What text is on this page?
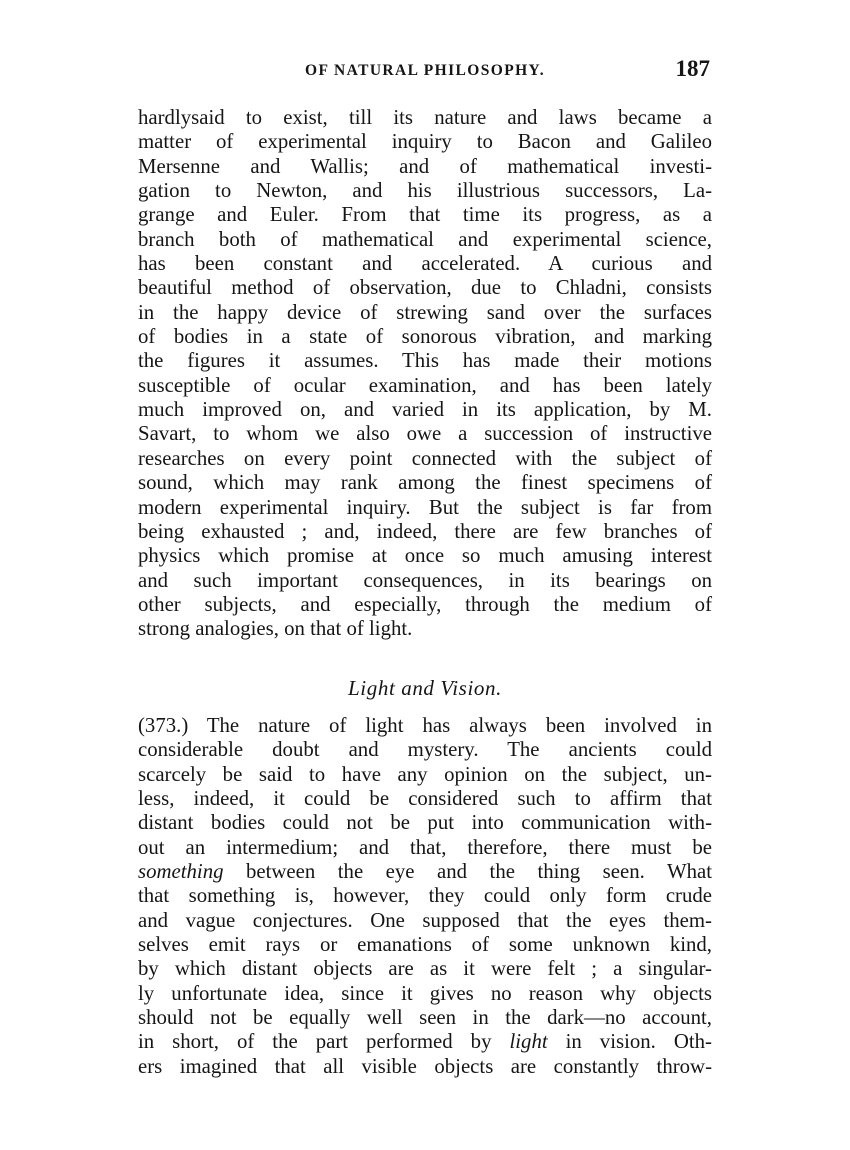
OF NATURAL PHILOSOPHY.	187
hardlysaid to exist, till its nature and laws became a
matter of experimental inquiry to Bacon and Galileo
Mersenne and Wallis; and of mathematical investi-
gation to Newton, and his illustrious successors, La-
grange and Euler. From that time its progress, as a
branch both of mathematical and experimental science,
has been constant and accelerated. A curious and
beautiful method of observation, due to Chladni, consists
in the happy device of strewing sand over the surfaces
of bodies in a state of sonorous vibration, and marking
the figures it assumes. This has made their motions
susceptible of ocular examination, and has been lately
much improved on, and varied in its application, by M.
Savart, to whom we also owe a succession of instructive
researches on every point connected with the subject of
sound, which may rank among the finest specimens of
modern experimental inquiry. But the subject is far from
being exhausted ; and, indeed, there are few branches of
physics which promise at once so much amusing interest
and such important consequences, in its bearings on
other subjects, and especially, through the medium of
strong analogies, on that of light.
Light and Vision.
(373.) The nature of light has always been involved in
considerable doubt and mystery. The ancients could
scarcely be said to have any opinion on the subject, un-
less, indeed, it could be considered such to affirm that
distant bodies could not be put into communication with-
out an intermedium; and that, therefore, there must be
something between the eye and the thing seen. What
that something is, however, they could only form crude
and vague conjectures. One supposed that the eyes them-
selves emit rays or emanations of some unknown kind,
by which distant objects are as it were felt ; a singular-
ly unfortunate idea, since it gives no reason why objects
should not be equally well seen in the dark—no account,
in short, of the part performed by light in vision. Oth-
ers imagined that all visible objects are constantly throw-
